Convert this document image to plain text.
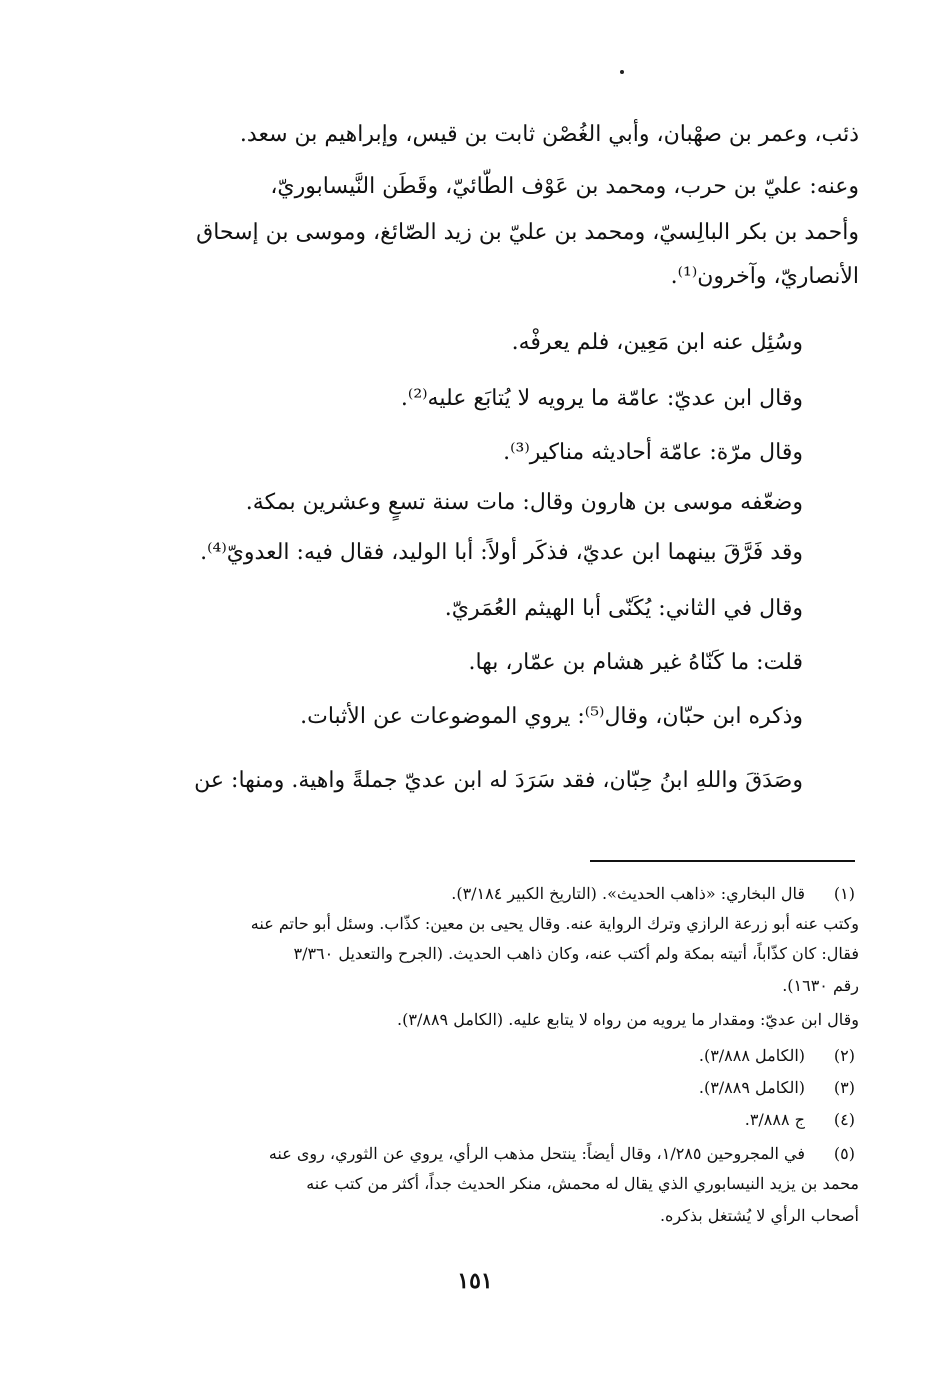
ذئب، وعمر بن صهْبان، وأبي الغُصْن ثابت بن قيس، وإبراهيم بن سعد.
وعنه: عليّ بن حرب، ومحمد بن عَوْف الطّائيّ، وقَطَن النَّيسابوريّ،
وأحمد بن بكر البالِسيّ، ومحمد بن عليّ بن زيد الصّائغ، وموسى بن إسحاق
الأنصاريّ، وآخرون⁽¹⁾.
وسُئِل عنه ابن مَعِين، فلم يعرفْه.
وقال ابن عديّ: عامّة ما يرويه لا يُتابَع عليه⁽²⁾.
وقال مرّة: عامّة أحاديثه مناكير⁽³⁾.
وضعّفه موسى بن هارون وقال: مات سنة تسعٍ وعشرين بمكة.
وقد فَرَّقَ بينهما ابن عديّ، فذكَر أولاً: أبا الوليد، فقال فيه: العدويّ⁽⁴⁾.
وقال في الثاني: يُكَنّى أبا الهيثم العُمَريّ.
قلت: ما كَنّاهُ غير هشام بن عمّار، بها.
وذكره ابن حبّان، وقال⁽⁵⁾: يروي الموضوعات عن الأثبات.
وصَدَقَ واللهِ ابنُ حِبّان، فقد سَرَدَ له ابن عديّ جملةً واهية. ومنها: عن
(١)
قال البخاري: «ذاهب الحديث». (التاريخ الكبير ٣/١٨٤).
وكتب عنه أبو زرعة الرازي وترك الرواية عنه. وقال يحيى بن معين: كذّاب. وسئل أبو حاتم عنه
فقال: كان كذّاباً، أتيته بمكة ولم أكتب عنه، وكان ذاهب الحديث. (الجرح والتعديل ٣/٣٦٠
رقم ١٦٣٠).
وقال ابن عديّ: ومقدار ما يرويه من رواه لا يتابع عليه. (الكامل ٣/٨٨٩).
(٢)
(الكامل ٣/٨٨٨).
(٣)
(الكامل ٣/٨٨٩).
(٤)
ج ٣/٨٨٨.
(٥)
في المجروحين ١/٢٨٥، وقال أيضاً: ينتحل مذهب الرأي، يروي عن الثوري، روى عنه
محمد بن يزيد النيسابوري الذي يقال له محمش، منكر الحديث جداً، أكثر من كتب عنه
أصحاب الرأي لا يُشتغل بذكره.
١٥١
